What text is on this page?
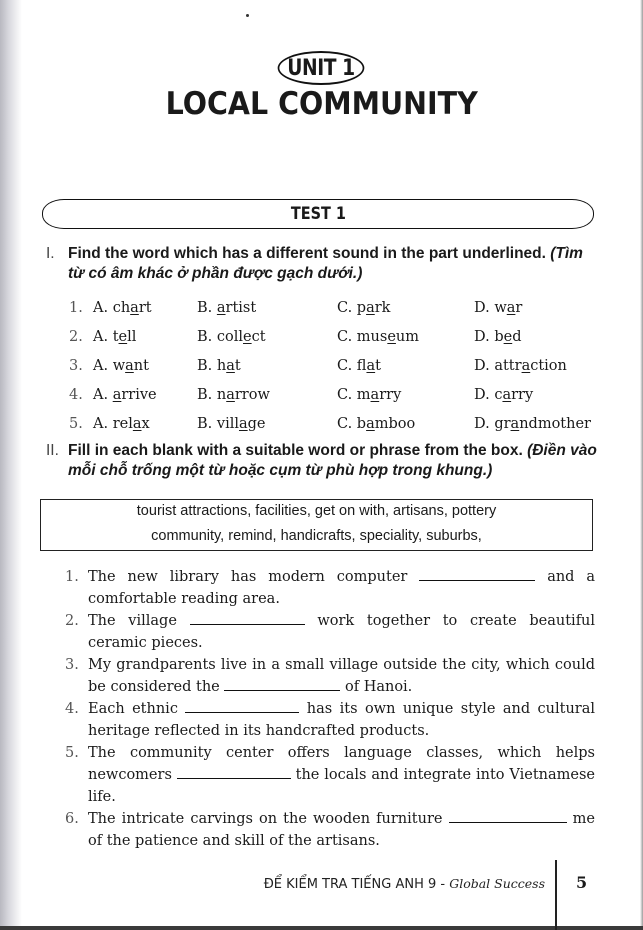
UNIT 1
LOCAL COMMUNITY
TEST 1
I. Find the word which has a different sound in the part underlined. (Tìm từ có âm khác ở phần được gạch dưới.)
1. A. chart	B. artist	C. park	D. war
2. A. tell	B. collect	C. museum	D. bed
3. A. want	B. hat	C. flat	D. attraction
4. A. arrive	B. narrow	C. marry	D. carry
5. A. relax	B. village	C. bamboo	D. grandmother
II. Fill in each blank with a suitable word or phrase from the box. (Điền vào mỗi chỗ trống một từ hoặc cụm từ phù hợp trong khung.)
tourist attractions, facilities, get on with, artisans, pottery
community, remind, handicrafts, speciality, suburbs,
1. The new library has modern computer	and a comfortable reading area.
2. The village	work together to create beautiful ceramic pieces.
3. My grandparents live in a small village outside the city, which could be considered the	of Hanoi.
4. Each ethnic	has its own unique style and cultural heritage reflected in its handcrafted products.
5. The community center offers language classes, which helps newcomers	the locals and integrate into Vietnamese life.
6. The intricate carvings on the wooden furniture	me of the patience and skill of the artisans.
ĐỂ KIỂM TRA TIẾNG ANH 9 - Global Success 5
